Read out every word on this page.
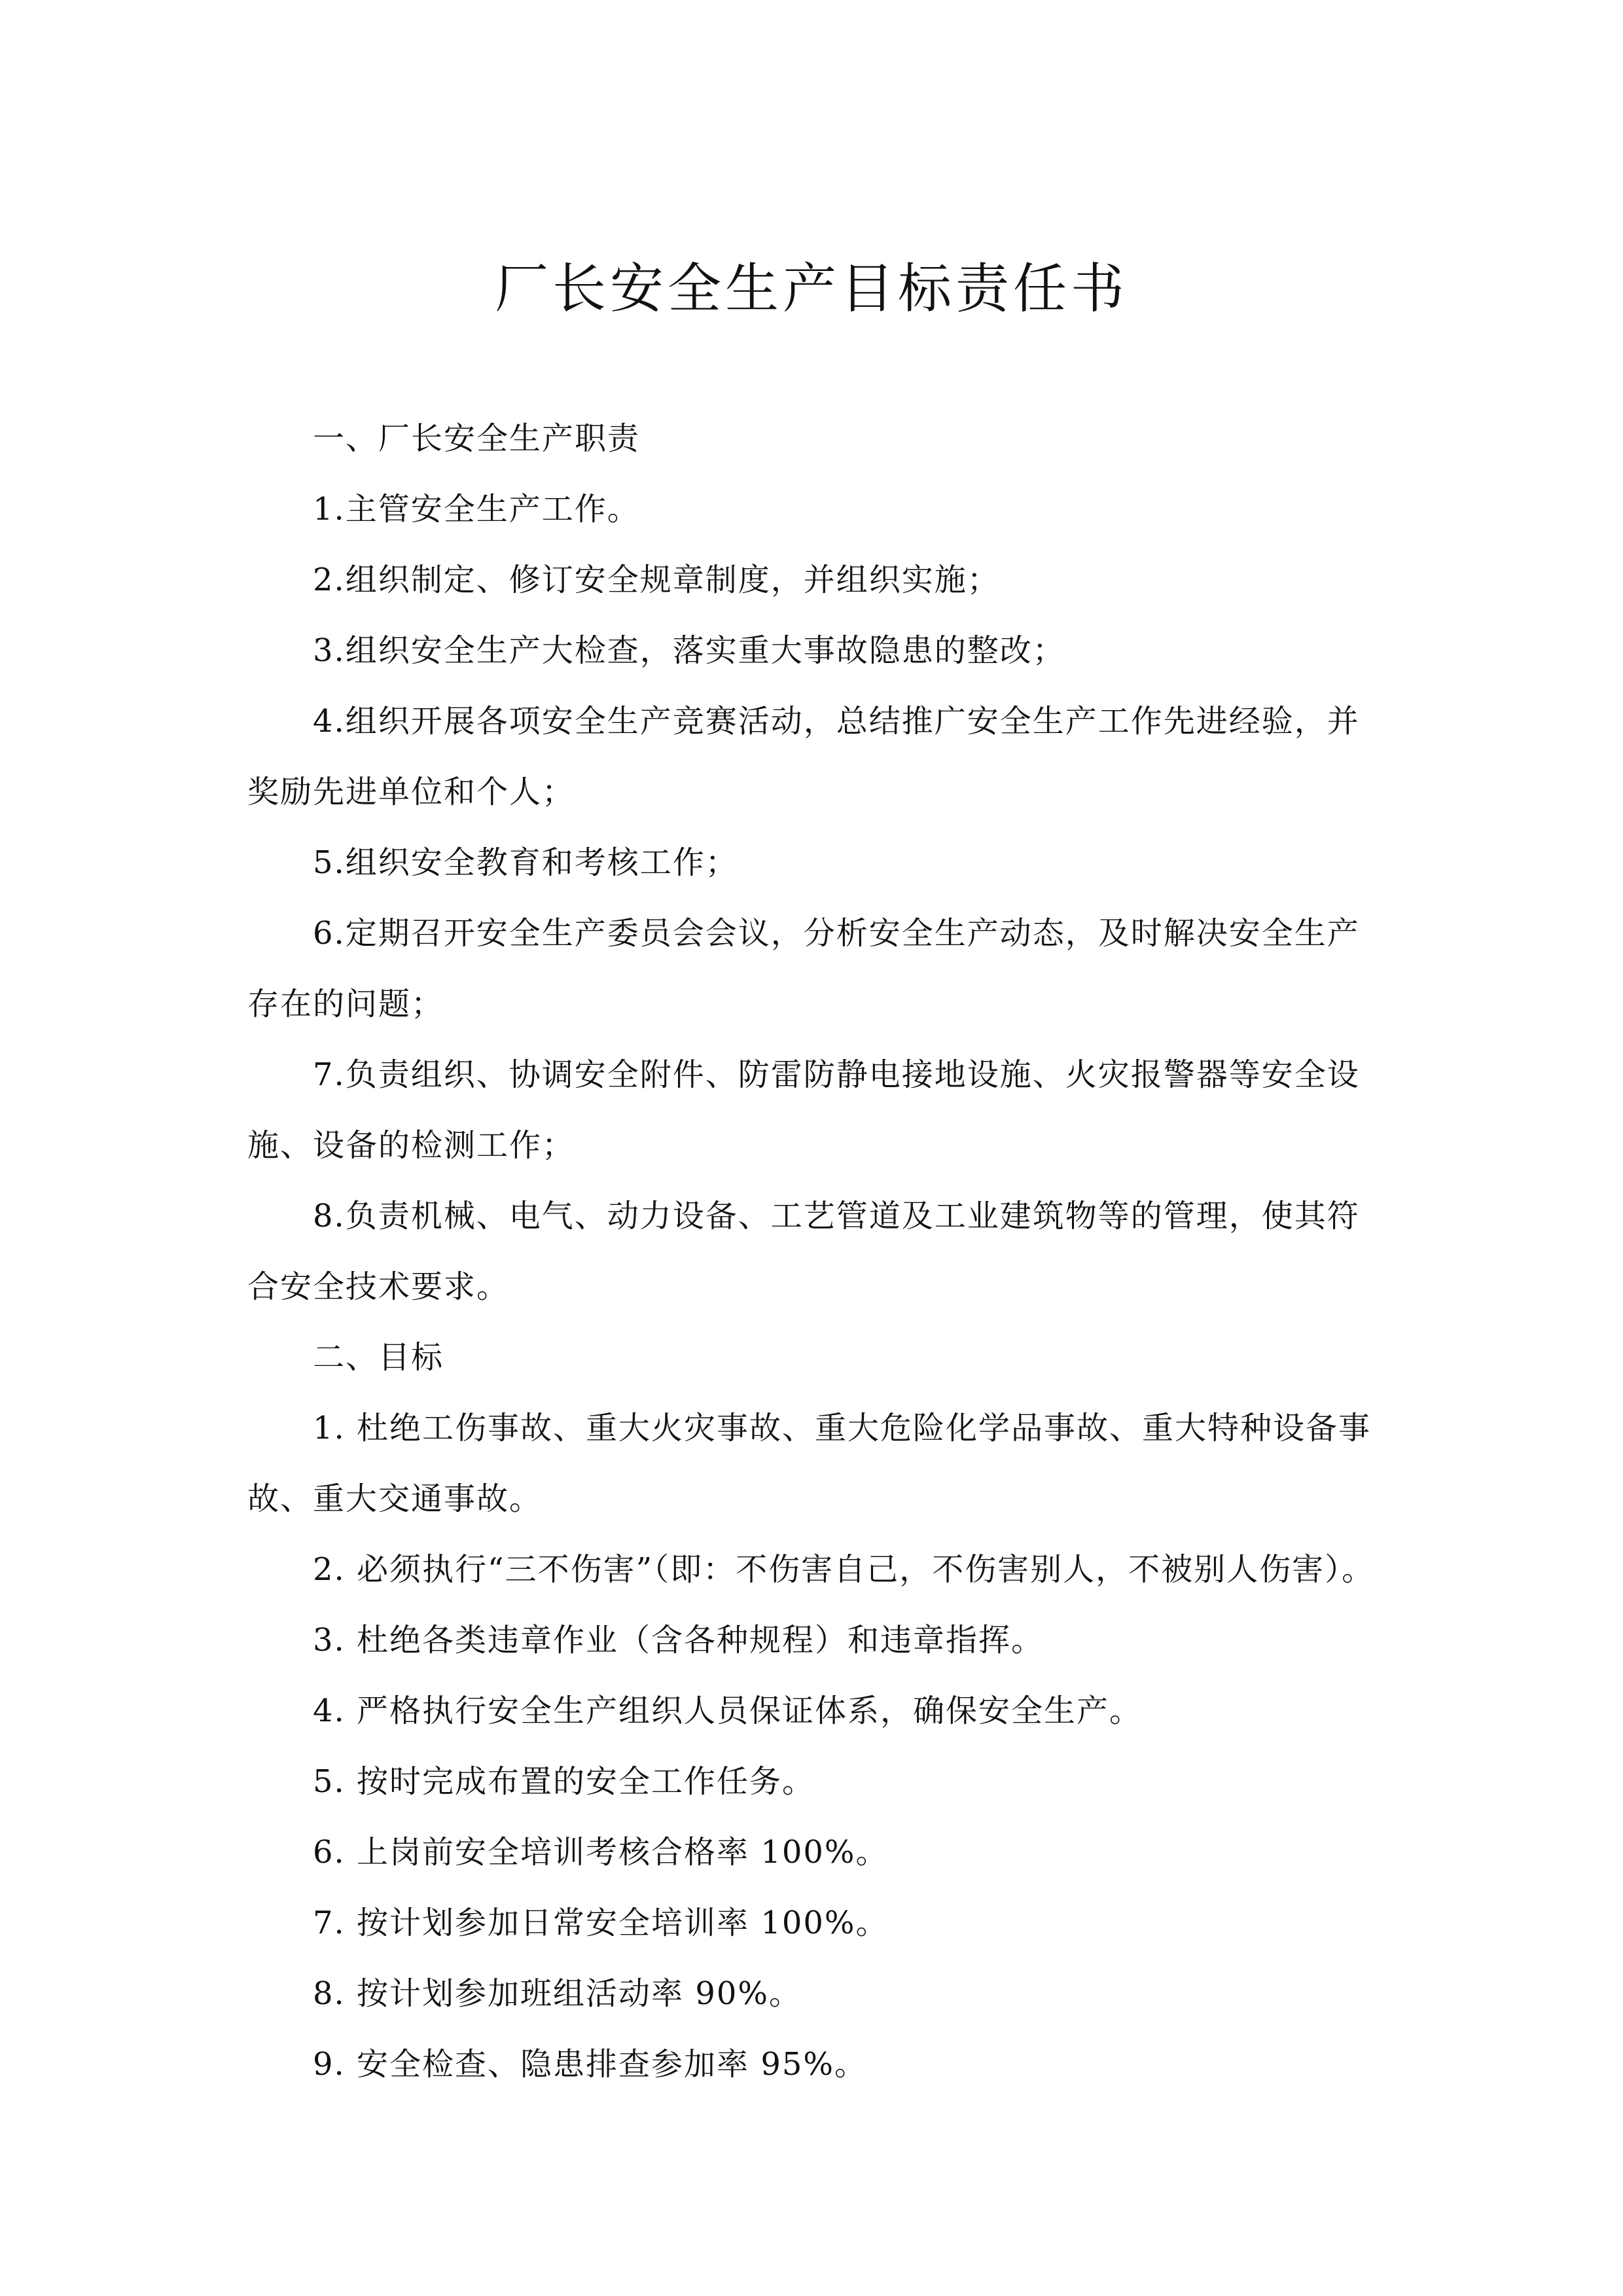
厂长安全生产目标责任书

一、厂长安全生产职责

1.主管安全生产工作。

2.组织制定、修订安全规章制度，并组织实施；

3.组织安全生产大检查，落实重大事故隐患的整改；

4.组织开展各项安全生产竞赛活动，总结推广安全生产工作先进经验，并

奖励先进单位和个人；

5.组织安全教育和考核工作；

6.定期召开安全生产委员会会议，分析安全生产动态，及时解决安全生产

存在的问题；

7.负责组织、协调安全附件、防雷防静电接地设施、火灾报警器等安全设

施、设备的检测工作；

8.负责机械、电气、动力设备、工艺管道及工业建筑物等的管理，使其符

合安全技术要求。

二、目标

1. 杜绝工伤事故、重大火灾事故、重大危险化学品事故、重大特种设备事

故、重大交通事故。

2. 必须执行“三不伤害”（即：不伤害自己，不伤害别人，不被别人伤害）。

3. 杜绝各类违章作业（含各种规程）和违章指挥。

4. 严格执行安全生产组织人员保证体系，确保安全生产。

5. 按时完成布置的安全工作任务。

6. 上岗前安全培训考核合格率 100%。

7. 按计划参加日常安全培训率 100%。

8. 按计划参加班组活动率 90%。

9. 安全检查、隐患排查参加率 95%。
